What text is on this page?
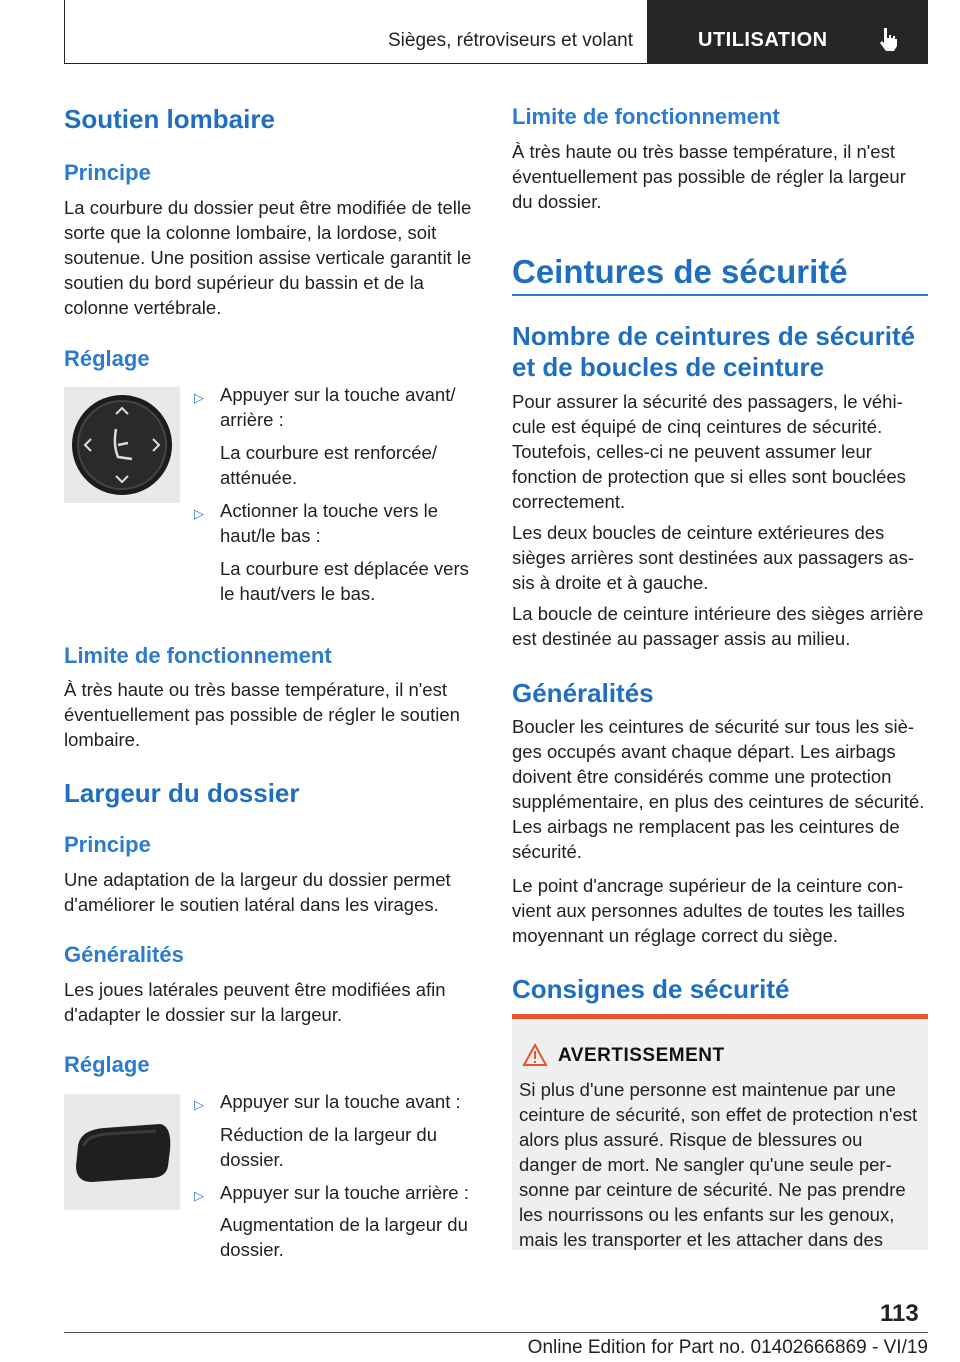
Sièges, rétroviseurs et volant	UTILISATION
Soutien lombaire
Principe

La courbure du dossier peut être modifiée de telle sorte que la colonne lombaire, la lordose, soit soutenue. Une position assise verticale garantit le soutien du bord supérieur du bassin et de la colonne vertébrale.

Réglage
▷ Appuyer sur la touche avant/ arrière :
La courbure est renforcée/ atténuée.
▷ Actionner la touche vers le haut/le bas :
La courbure est déplacée vers le haut/vers le bas.
Limite de fonctionnement

À très haute ou très basse température, il n'est éventuellement pas possible de régler le soutien lombaire.

Largeur du dossier
Principe

Une adaptation de la largeur du dossier permet d'améliorer le soutien latéral dans les virages.

Généralités

Les joues latérales peuvent être modifiées afin d'adapter le dossier sur la largeur.

Réglage
▷ Appuyer sur la touche avant :
Réduction de la largeur du dossier.
▷ Appuyer sur la touche arrière :
Augmentation de la largeur du dossier.
Limite de fonctionnement

À très haute ou très basse température, il n'est éventuellement pas possible de régler la largeur du dossier.

Ceintures de sécurité
Nombre de ceintures de sécurité et de boucles de ceinture

Pour assurer la sécurité des passagers, le véhicule est équipé de cinq ceintures de sécurité. Toutefois, celles-ci ne peuvent assumer leur fonction de protection que si elles sont bouclées correctement.

Les deux boucles de ceinture extérieures des sièges arrières sont destinées aux passagers assis à droite et à gauche.

La boucle de ceinture intérieure des sièges arrière est destinée au passager assis au milieu.

Généralités

Boucler les ceintures de sécurité sur tous les sièges occupés avant chaque départ. Les airbags doivent être considérés comme une protection supplémentaire, en plus des ceintures de sécurité. Les airbags ne remplacent pas les ceintures de sécurité.

Le point d'ancrage supérieur de la ceinture convient aux personnes adultes de toutes les tailles moyennant un réglage correct du siège.

Consignes de sécurité
AVERTISSEMENT
Si plus d'une personne est maintenue par une ceinture de sécurité, son effet de protection n'est alors plus assuré. Risque de blessures ou danger de mort. Ne sangler qu'une seule personne par ceinture de sécurité. Ne pas prendre les nourrissons ou les enfants sur les genoux, mais les transporter et les attacher dans des
113
Online Edition for Part no. 01402666869 - VI/19
